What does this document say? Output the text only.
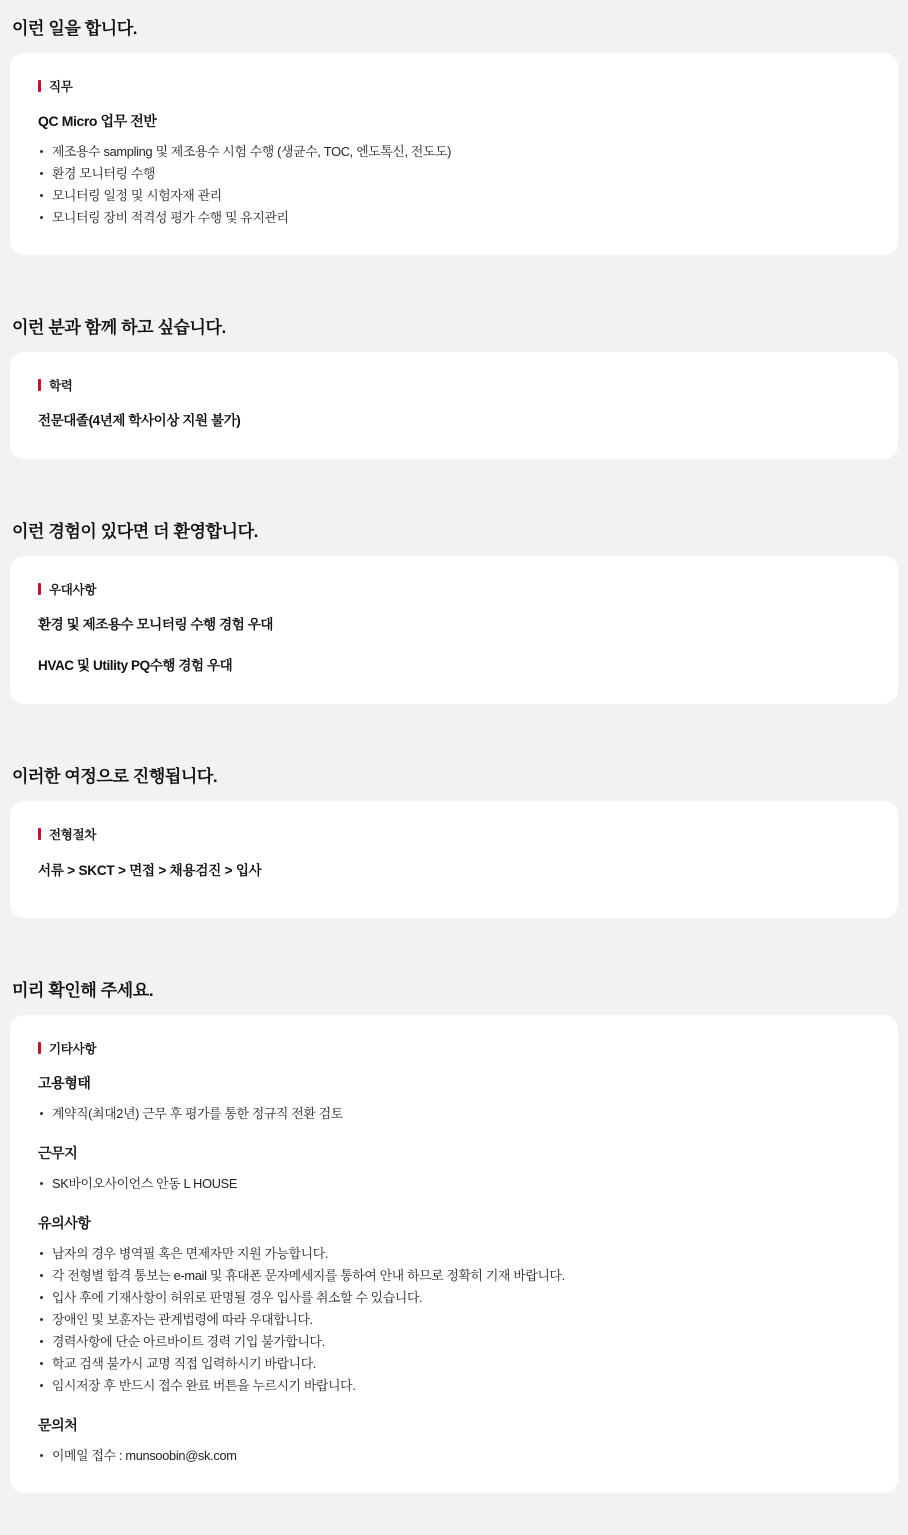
이런 일을 합니다.
직무

QC Micro 업무 전반

제조용수 sampling 및 제조용수 시험 수행 (생균수, TOC, 엔도톡신, 전도도)
환경 모니터링 수행
모니터링 일정 및 시험자재 관리
모니터링 장비 적격성 평가 수행 및 유지관리
이런 분과 함께 하고 싶습니다.
학력

전문대졸(4년제 학사이상 지원 불가)

이런 경험이 있다면 더 환영합니다.
우대사항

환경 및 제조용수 모니터링 수행 경험 우대

HVAC 및 Utility PQ수행 경험 우대

이러한 여정으로 진행됩니다.
전형절차

서류 > SKCT > 면접 > 채용검진 > 입사

미리 확인해 주세요.
기타사항

고용형태

계약직(최대2년) 근무 후 평가를 통한 정규직 전환 검토

근무지

SK바이오사이언스 안동 L HOUSE

유의사항

남자의 경우 병역필 혹은 면제자만 지원 가능합니다.
각 전형별 합격 통보는 e-mail 및 휴대폰 문자메세지를 통하여 안내 하므로 정확히 기재 바랍니다.
입사 후에 기재사항이 허위로 판명될 경우 입사를 취소할 수 있습니다.
장애인 및 보훈자는 관계법령에 따라 우대합니다.
경력사항에 단순 아르바이트 경력 기입 불가합니다.
학교 검색 불가시 교명 직접 입력하시기 바랍니다.
임시저장 후 반드시 접수 완료 버튼을 누르시기 바랍니다.

문의처

이메일 접수 : munsoobin@sk.com
